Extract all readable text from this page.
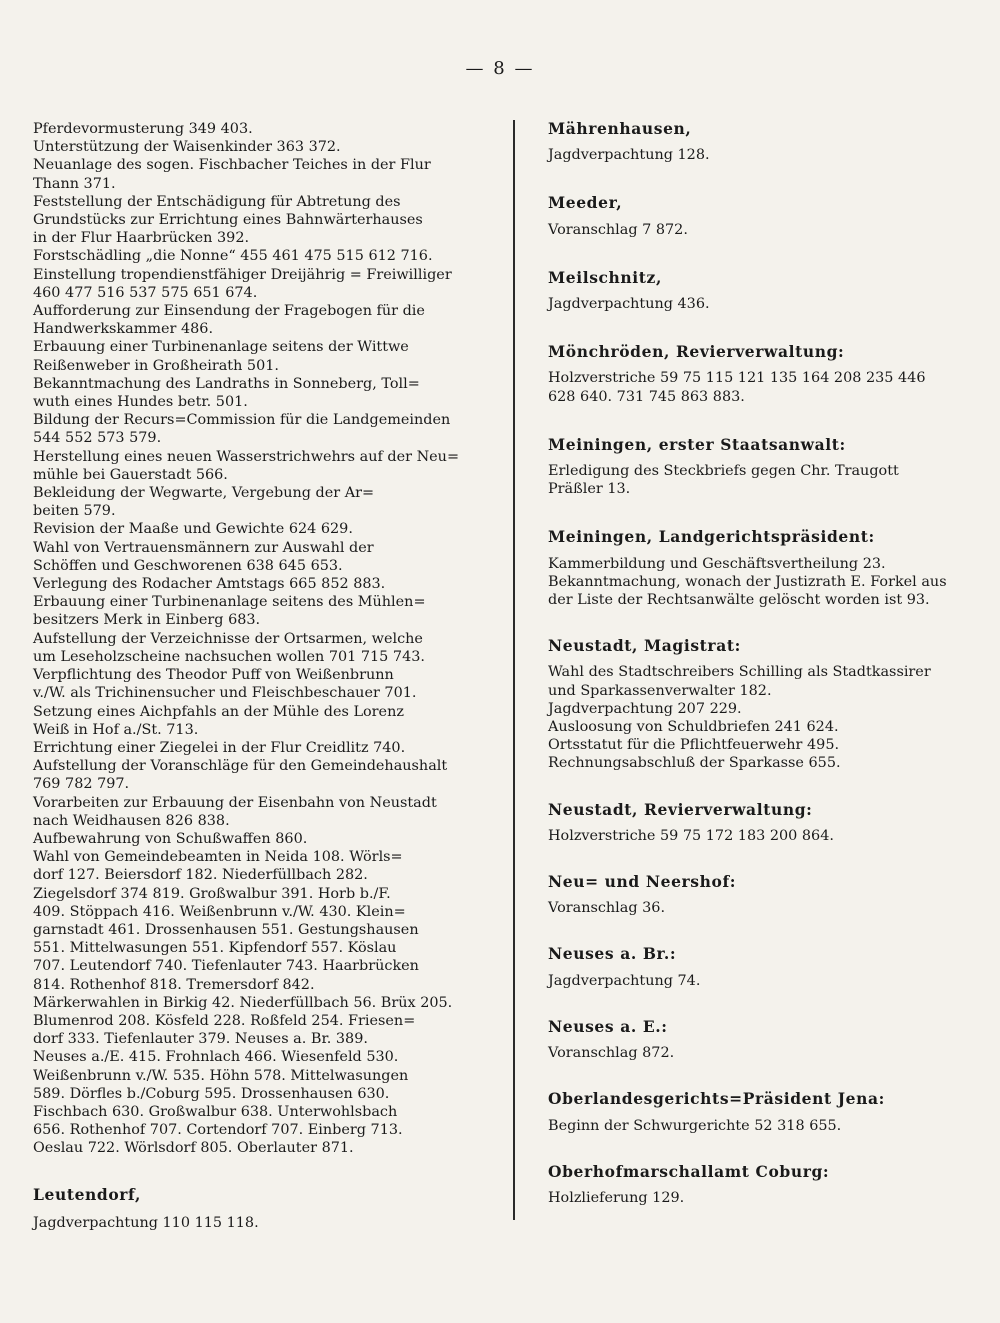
— 8 —
Pferdevormusterung 349 403.
Unterstützung der Waisenkinder 363 372.
Neuanlage des sogen. Fischbacher Teiches in der Flur
Thann 371.
Feststellung der Entschädigung für Abtretung des
Grundstücks zur Errichtung eines Bahnwärterhauses
in der Flur Haarbrücken 392.
Forstschädling „die Nonne“ 455 461 475 515 612 716.
Einstellung tropendienstfähiger Dreijährig = Freiwilliger
460 477 516 537 575 651 674.
Aufforderung zur Einsendung der Fragebogen für die
Handwerkskammer 486.
Erbauung einer Turbinenanlage seitens der Wittwe
Reißenweber in Großheirath 501.
Bekanntmachung des Landraths in Sonneberg, Toll=
wuth eines Hundes betr. 501.
Bildung der Recurs=Commission für die Landgemeinden
544 552 573 579.
Herstellung eines neuen Wasserstrichwehrs auf der Neu=
mühle bei Gauerstadt 566.
Bekleidung der Wegwarte, Vergebung der Ar=
beiten 579.
Revision der Maaße und Gewichte 624 629.
Wahl von Vertrauensmännern zur Auswahl der
Schöffen und Geschworenen 638 645 653.
Verlegung des Rodacher Amtstags 665 852 883.
Erbauung einer Turbinenanlage seitens des Mühlen=
besitzers Merk in Einberg 683.
Aufstellung der Verzeichnisse der Ortsarmen, welche
um Leseholzscheine nachsuchen wollen 701 715 743.
Verpflichtung des Theodor Puff von Weißenbrunn
v./W. als Trichinensucher und Fleischbeschauer 701.
Setzung eines Aichpfahls an der Mühle des Lorenz
Weiß in Hof a./St. 713.
Errichtung einer Ziegelei in der Flur Creidlitz 740.
Aufstellung der Voranschläge für den Gemeindehaushalt
769 782 797.
Vorarbeiten zur Erbauung der Eisenbahn von Neustadt
nach Weidhausen 826 838.
Aufbewahrung von Schußwaffen 860.
Wahl von Gemeindebeamten in Neida 108. Wörls=
dorf 127. Beiersdorf 182. Niederfüllbach 282.
Ziegelsdorf 374 819. Großwalbur 391. Horb b./F.
409. Stöppach 416. Weißenbrunn v./W. 430. Klein=
garnstadt 461. Drossenhausen 551. Gestungshausen
551. Mittelwasungen 551. Kipfendorf 557. Köslau
707. Leutendorf 740. Tiefenlauter 743. Haarbrücken
814. Rothenhof 818. Tremersdorf 842.
Märkerwahlen in Birkig 42. Niederfüllbach 56. Brüx 205.
Blumenrod 208. Kösfeld 228. Roßfeld 254. Friesen=
dorf 333. Tiefenlauter 379. Neuses a. Br. 389.
Neuses a./E. 415. Frohnlach 466. Wiesenfeld 530.
Weißenbrunn v./W. 535. Höhn 578. Mittelwasungen
589. Dörfles b./Coburg 595. Drossenhausen 630.
Fischbach 630. Großwalbur 638. Unterwohlsbach
656. Rothenhof 707. Cortendorf 707. Einberg 713.
Oeslau 722. Wörlsdorf 805. Oberlauter 871.
Leutendorf,
Jagdverpachtung 110 115 118.
Mährenhausen,
Jagdverpachtung 128.
Meeder,
Voranschlag 7 872.
Meilschnitz,
Jagdverpachtung 436.
Mönchröden, Revierverwaltung:
Holzverstriche 59 75 115 121 135 164 208 235 446
628 640. 731 745 863 883.
Meiningen, erster Staatsanwalt:
Erledigung des Steckbriefs gegen Chr. Traugott
Präßler 13.
Meiningen, Landgerichtspräsident:
Kammerbildung und Geschäftsvertheilung 23.
Bekanntmachung, wonach der Justizrath E. Forkel aus
der Liste der Rechtsanwälte gelöscht worden ist 93.
Neustadt, Magistrat:
Wahl des Stadtschreibers Schilling als Stadtkassirer
und Sparkassenverwalter 182.
Jagdverpachtung 207 229.
Ausloosung von Schuldbriefen 241 624.
Ortsstatut für die Pflichtfeuerwehr 495.
Rechnungsabschluß der Sparkasse 655.
Neustadt, Revierverwaltung:
Holzverstriche 59 75 172 183 200 864.
Neu= und Neershof:
Voranschlag 36.
Neuses a. Br.:
Jagdverpachtung 74.
Neuses a. E.:
Voranschlag 872.
Oberlandesgerichts=Präsident Jena:
Beginn der Schwurgerichte 52 318 655.
Oberhofmarschallamt Coburg:
Holzlieferung 129.
